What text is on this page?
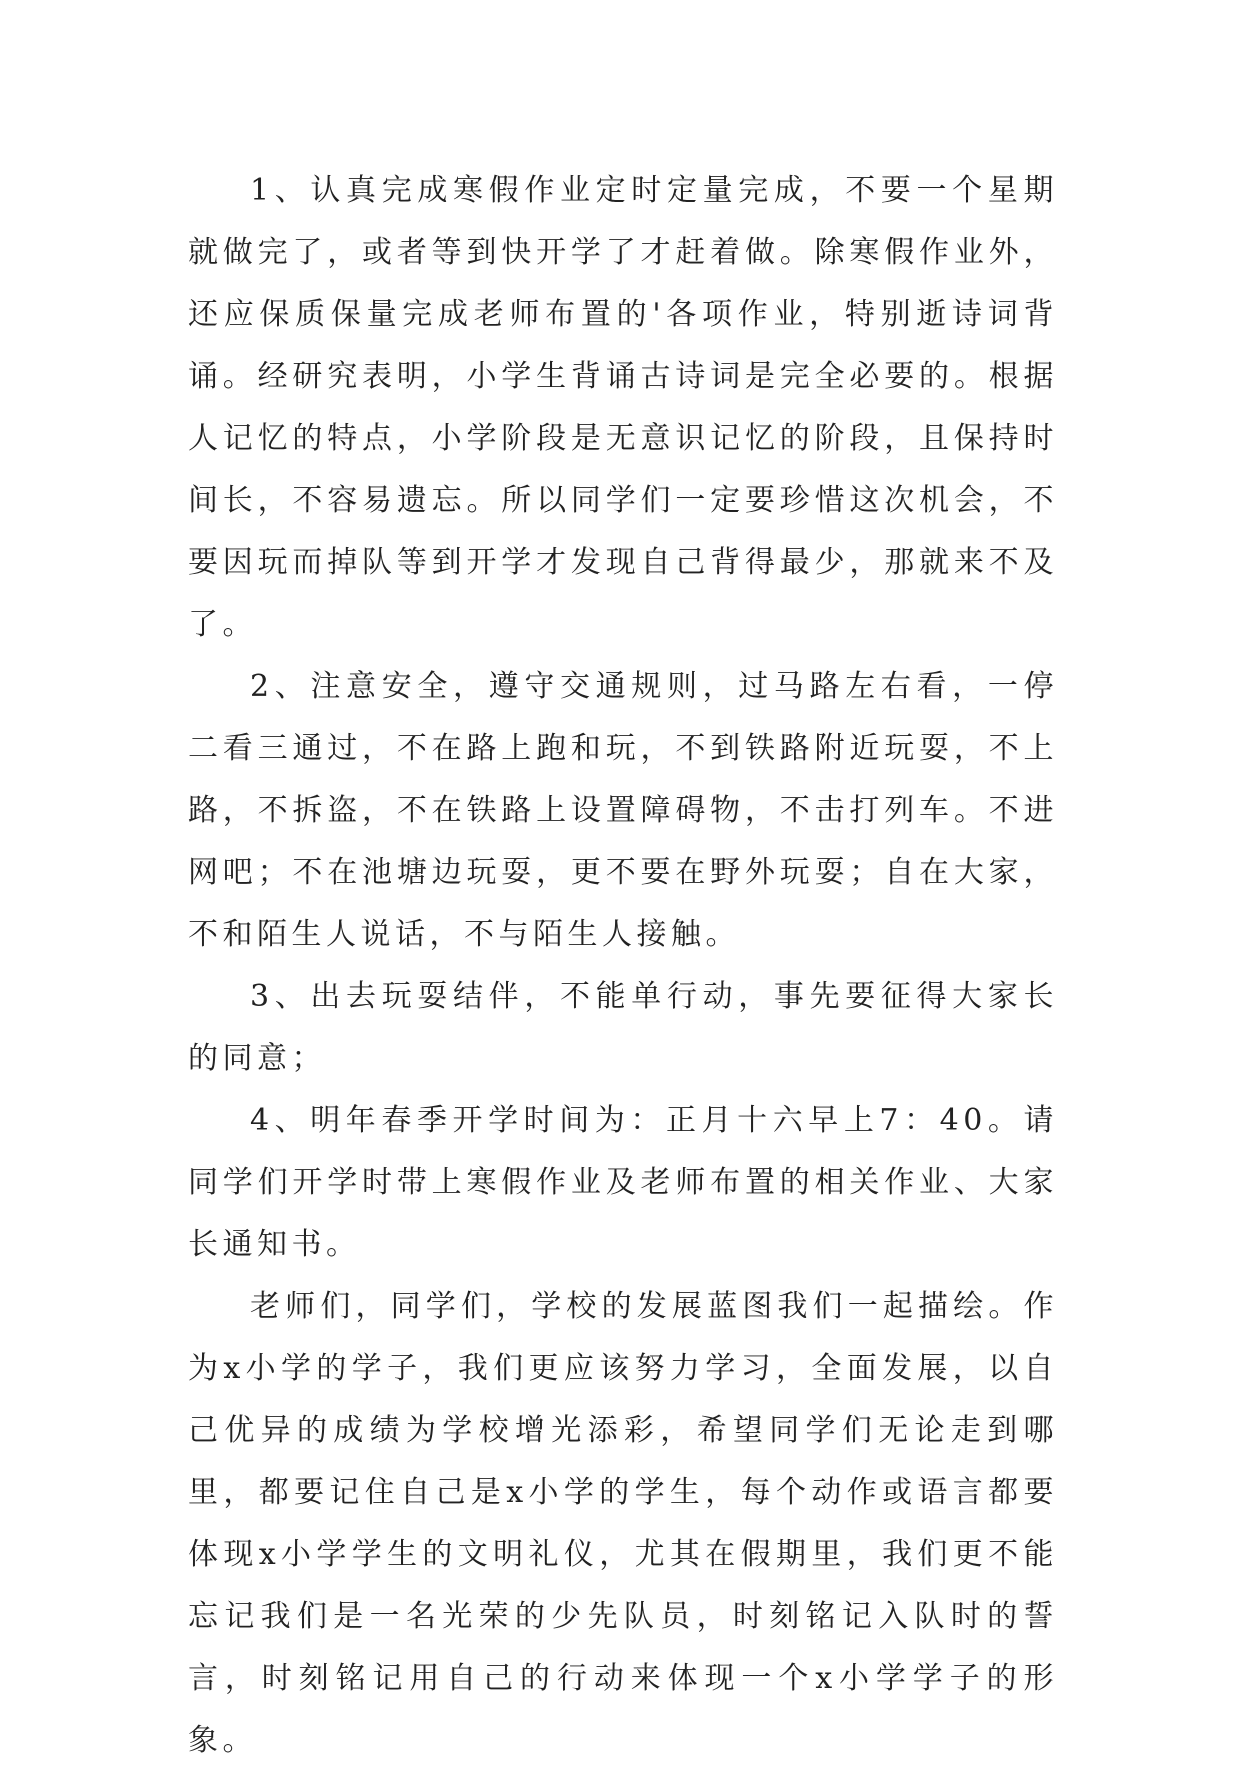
1、认真完成寒假作业定时定量完成，不要一个星期就做完了，或者等到快开学了才赶着做。除寒假作业外，还应保质保量完成老师布置的'各项作业，特别逝诗词背诵。经研究表明，小学生背诵古诗词是完全必要的。根据人记忆的特点，小学阶段是无意识记忆的阶段，且保持时间长，不容易遗忘。所以同学们一定要珍惜这次机会，不要因玩而掉队等到开学才发现自己背得最少，那就来不及了。

2、注意安全，遵守交通规则，过马路左右看，一停二看三通过，不在路上跑和玩，不到铁路附近玩耍，不上路，不拆盗，不在铁路上设置障碍物，不击打列车。不进网吧；不在池塘边玩耍，更不要在野外玩耍；自在大家，不和陌生人说话，不与陌生人接触。

3、出去玩耍结伴，不能单行动，事先要征得大家长的同意；

4、明年春季开学时间为：正月十六早上7：40。请同学们开学时带上寒假作业及老师布置的相关作业、大家长通知书。

老师们，同学们，学校的发展蓝图我们一起描绘。作为x小学的学子，我们更应该努力学习，全面发展，以自己优异的成绩为学校增光添彩，希望同学们无论走到哪里，都要记住自己是x小学的学生，每个动作或语言都要体现x小学学生的文明礼仪，尤其在假期里，我们更不能忘记我们是一名光荣的少先队员，时刻铭记入队时的誓言，时刻铭记用自己的行动来体现一个x小学学子的形象。
